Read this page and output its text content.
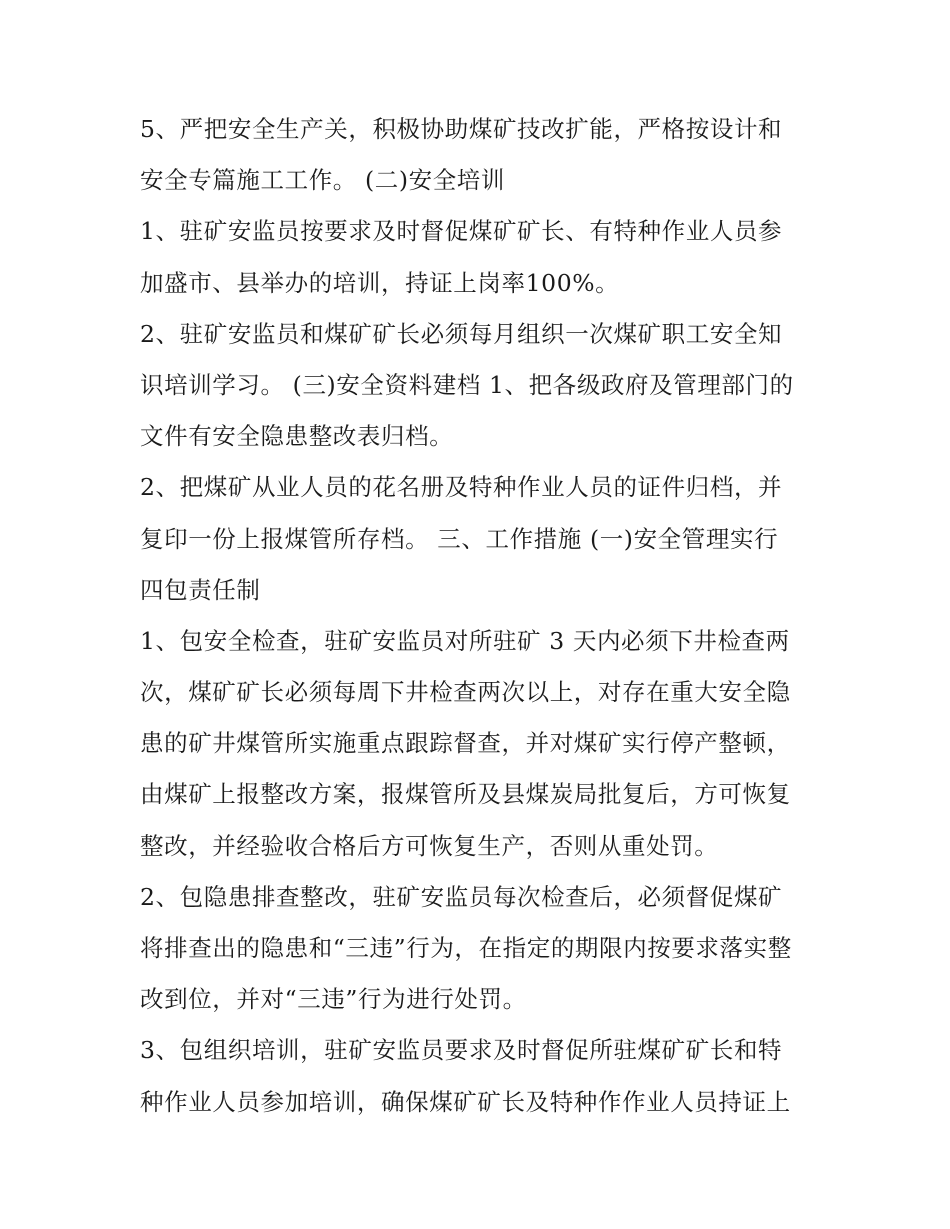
5、严把安全生产关，积极协助煤矿技改扩能，严格按设计和
安全专篇施工工作。 (二)安全培训

1、驻矿安监员按要求及时督促煤矿矿长、有特种作业人员参
加盛市、县举办的培训，持证上岗率100%。

2、驻矿安监员和煤矿矿长必须每月组织一次煤矿职工安全知
识培训学习。 (三)安全资料建档 1、把各级政府及管理部门的
文件有安全隐患整改表归档。

2、把煤矿从业人员的花名册及特种作业人员的证件归档，并
复印一份上报煤管所存档。 三、工作措施 (一)安全管理实行
四包责任制

1、包安全检查，驻矿安监员对所驻矿 3 天内必须下井检查两
次，煤矿矿长必须每周下井检查两次以上，对存在重大安全隐
患的矿井煤管所实施重点跟踪督查，并对煤矿实行停产整顿，
由煤矿上报整改方案，报煤管所及县煤炭局批复后，方可恢复
整改，并经验收合格后方可恢复生产，否则从重处罚。

2、包隐患排查整改，驻矿安监员每次检查后，必须督促煤矿
将排查出的隐患和“三违”行为，在指定的期限内按要求落实整
改到位，并对“三违”行为进行处罚。

3、包组织培训，驻矿安监员要求及时督促所驻煤矿矿长和特
种作业人员参加培训，确保煤矿矿长及特种作作业人员持证上
